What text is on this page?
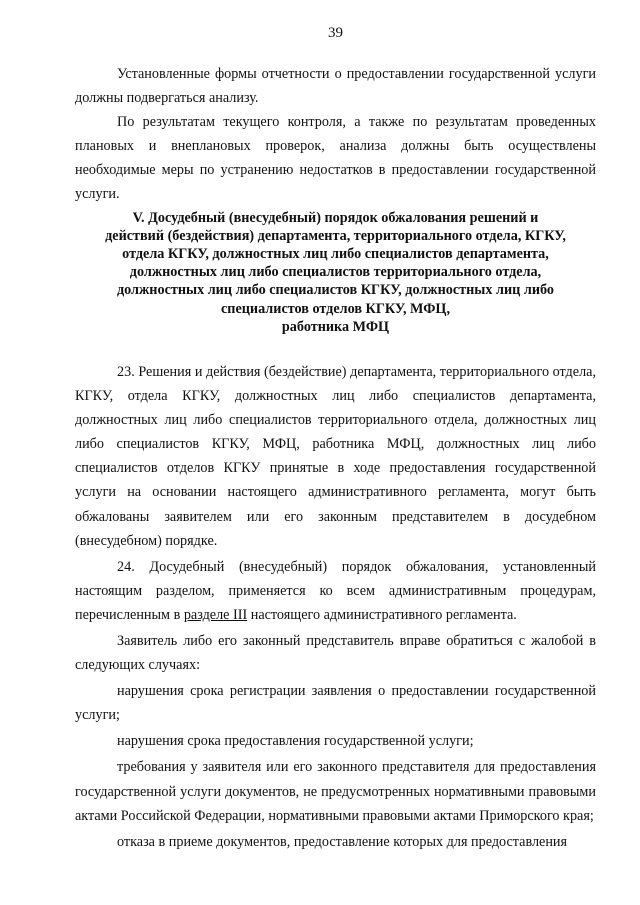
39

Установленные формы отчетности о предоставлении государственной услуги должны подвергаться анализу.

По результатам текущего контроля, а также по результатам проведенных плановых и внеплановых проверок, анализа должны быть осуществлены необходимые меры по устранению недостатков в предоставлении государственной услуги.

V. Досудебный (внесудебный) порядок обжалования решений и
действий (бездействия) департамента, территориального отдела, КГКУ,
отдела КГКУ, должностных лиц либо специалистов департамента,
должностных лиц либо специалистов территориального отдела,
должностных лиц либо специалистов КГКУ, должностных лиц либо
специалистов отделов КГКУ, МФЦ,
работника МФЦ

23. Решения и действия (бездействие) департамента, территориального отдела, КГКУ, отдела КГКУ, должностных лиц либо специалистов департамента, должностных лиц либо специалистов территориального отдела, должностных лиц либо специалистов КГКУ, МФЦ, работника МФЦ, должностных лиц либо специалистов отделов КГКУ принятые в ходе предоставления государственной услуги на основании настоящего административного регламента, могут быть обжалованы заявителем или его законным представителем в досудебном (внесудебном) порядке.

24. Досудебный (внесудебный) порядок обжалования, установленный настоящим разделом, применяется ко всем административным процедурам, перечисленным в разделе III настоящего административного регламента.

Заявитель либо его законный представитель вправе обратиться с жалобой в следующих случаях:

нарушения срока регистрации заявления о предоставлении государственной услуги;

нарушения срока предоставления государственной услуги;

требования у заявителя или его законного представителя для предоставления государственной услуги документов, не предусмотренных нормативными правовыми актами Российской Федерации, нормативными правовыми актами Приморского края;

отказа в приеме документов, предоставление которых для предоставления
